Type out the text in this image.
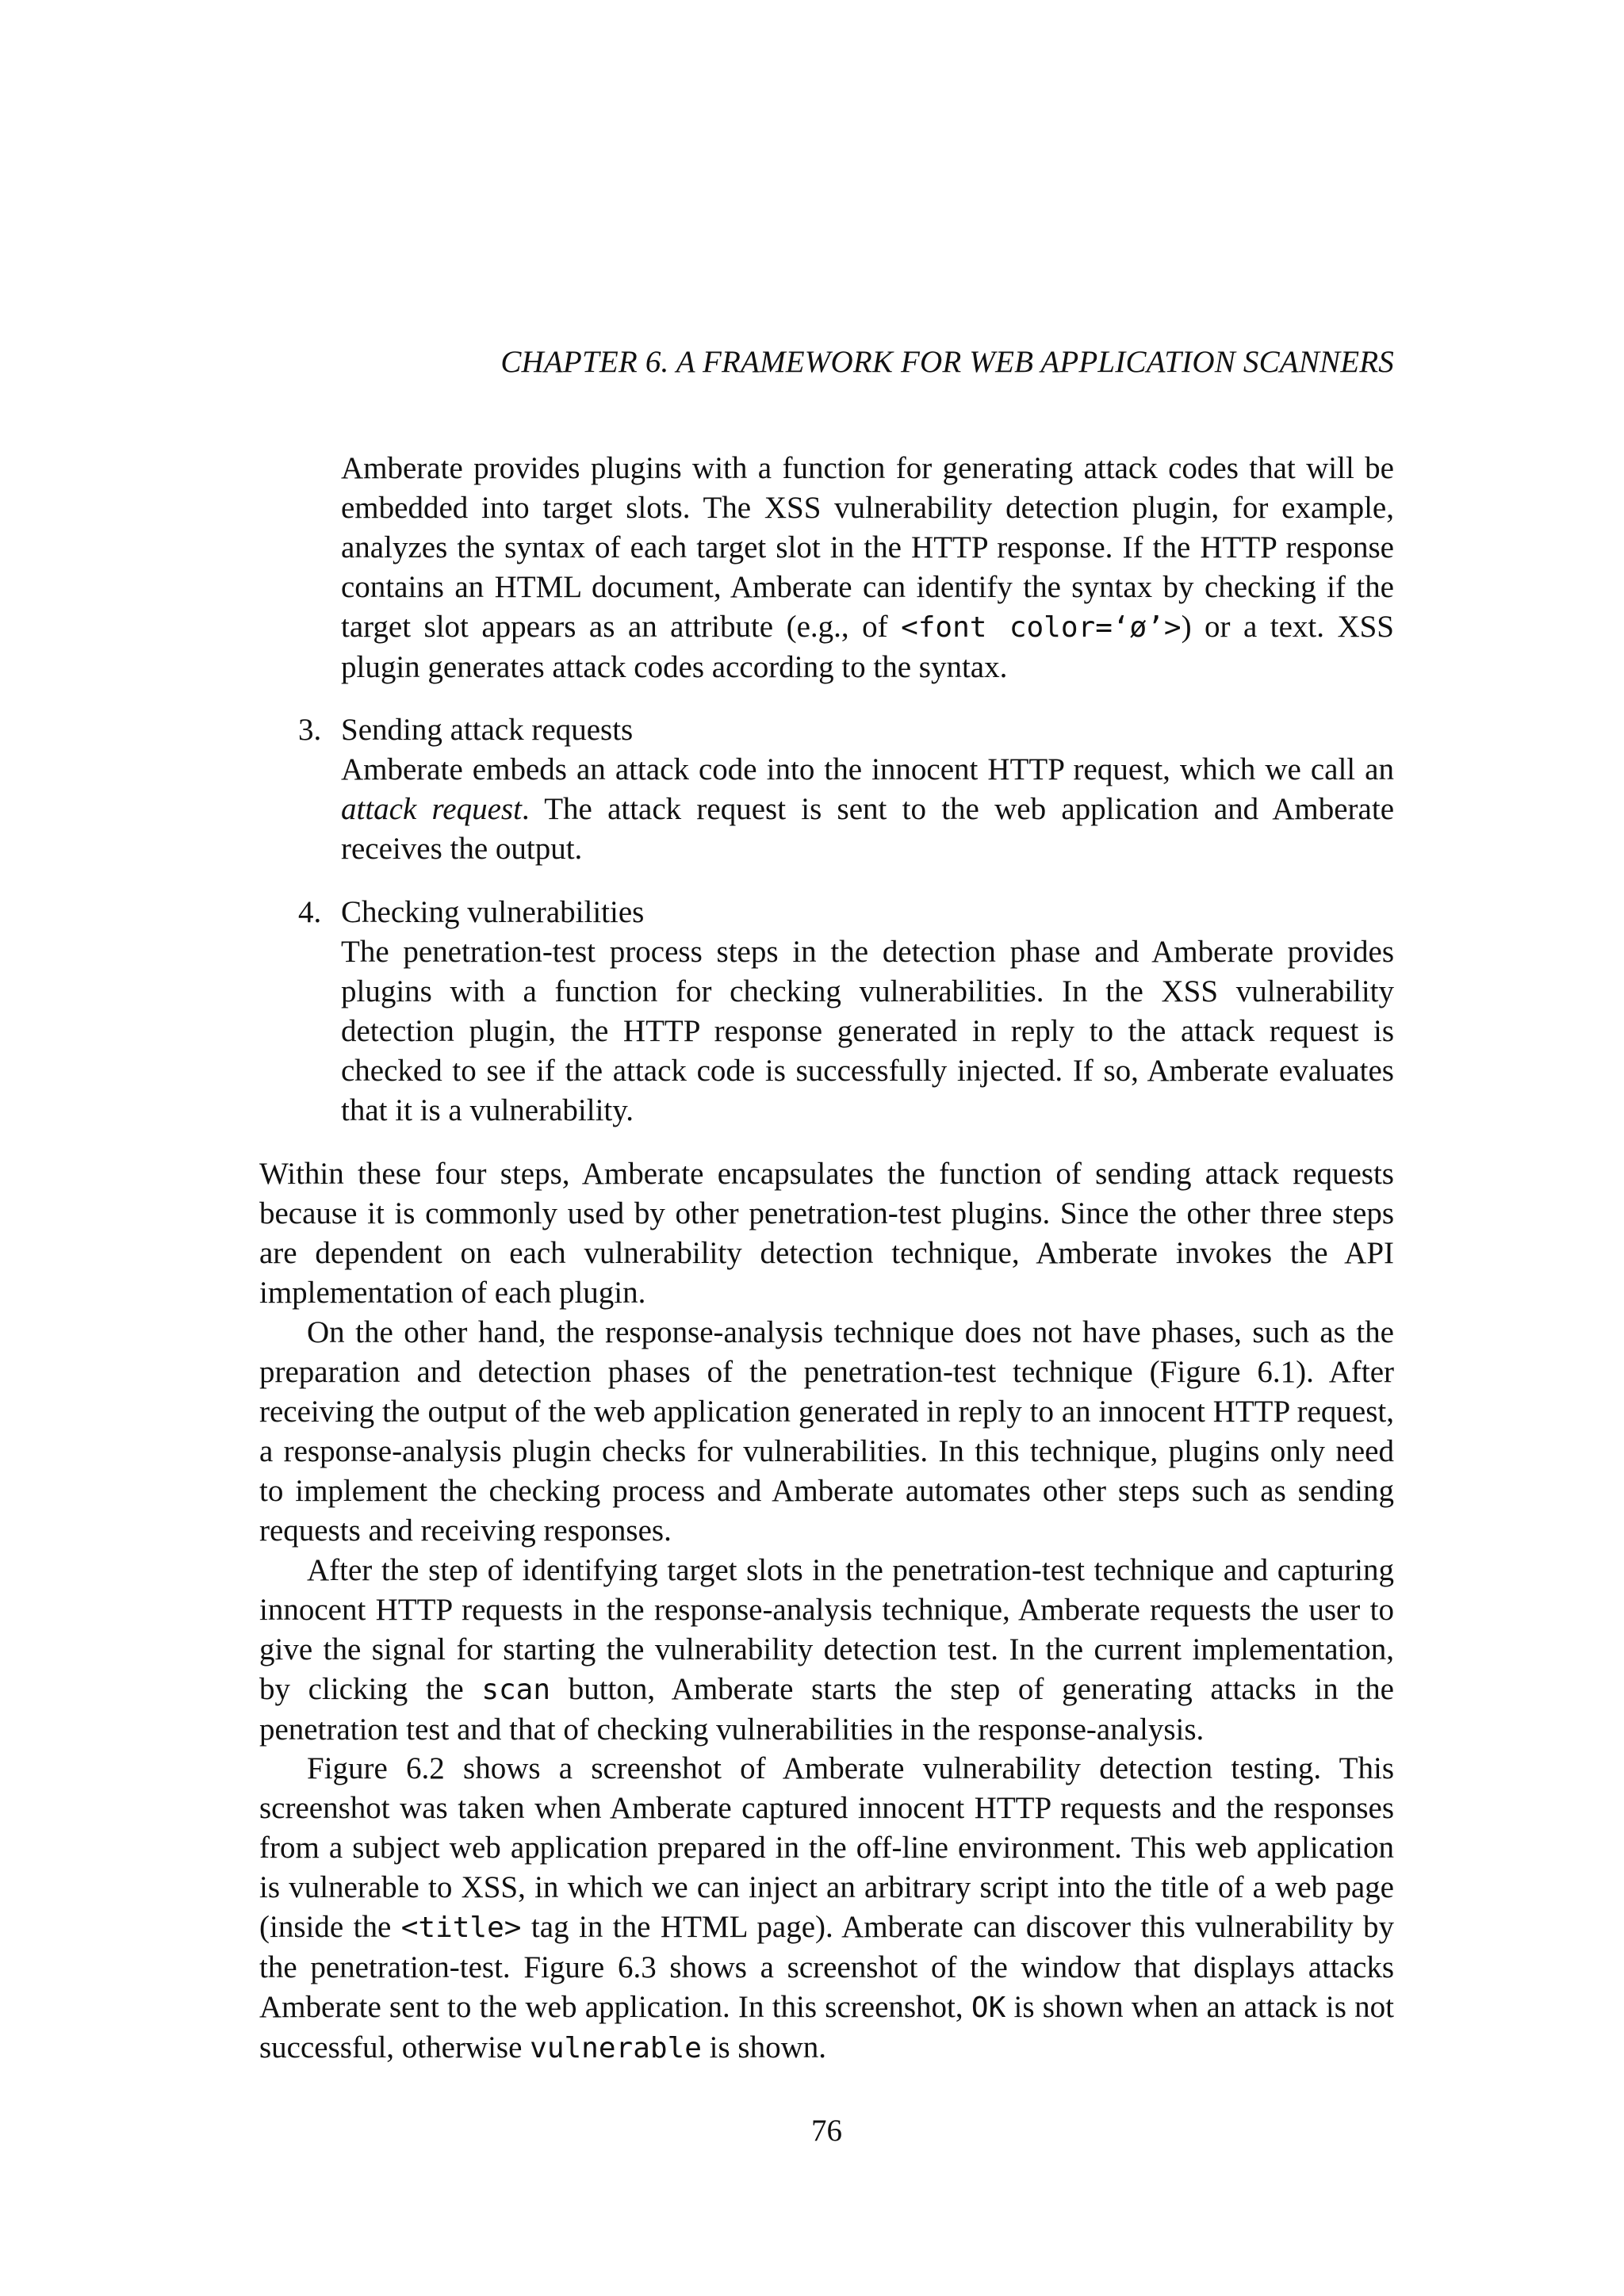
CHAPTER 6. A FRAMEWORK FOR WEB APPLICATION SCANNERS

Amberate provides plugins with a function for generating attack codes that will be embedded into target slots. The XSS vulnerability detection plugin, for example, analyzes the syntax of each target slot in the HTTP response. If the HTTP response contains an HTML document, Amberate can identify the syntax by checking if the target slot appears as an attribute (e.g., of <font color=‘ø’>) or a text. XSS plugin generates attack codes according to the syntax.

3. Sending attack requests

Amberate embeds an attack code into the innocent HTTP request, which we call an attack request. The attack request is sent to the web application and Amberate receives the output.

4. Checking vulnerabilities

The penetration-test process steps in the detection phase and Amberate provides plugins with a function for checking vulnerabilities. In the XSS vulnerability detection plugin, the HTTP response generated in reply to the attack request is checked to see if the attack code is successfully injected. If so, Amberate evaluates that it is a vulnerability.

Within these four steps, Amberate encapsulates the function of sending attack requests because it is commonly used by other penetration-test plugins. Since the other three steps are dependent on each vulnerability detection technique, Amberate invokes the API implementation of each plugin.

On the other hand, the response-analysis technique does not have phases, such as the preparation and detection phases of the penetration-test technique (Figure 6.1). After receiving the output of the web application generated in reply to an innocent HTTP request, a response-analysis plugin checks for vulnerabilities. In this technique, plugins only need to implement the checking process and Amberate automates other steps such as sending requests and receiving responses.

After the step of identifying target slots in the penetration-test technique and capturing innocent HTTP requests in the response-analysis technique, Amberate requests the user to give the signal for starting the vulnerability detection test. In the current implementation, by clicking the scan button, Amberate starts the step of generating attacks in the penetration test and that of checking vulnerabilities in the response-analysis.

Figure 6.2 shows a screenshot of Amberate vulnerability detection testing. This screenshot was taken when Amberate captured innocent HTTP requests and the responses from a subject web application prepared in the off-line environment. This web application is vulnerable to XSS, in which we can inject an arbitrary script into the title of a web page (inside the <title> tag in the HTML page). Amberate can discover this vulnerability by the penetration-test. Figure 6.3 shows a screenshot of the window that displays attacks Amberate sent to the web application. In this screenshot, OK is shown when an attack is not successful, otherwise vulnerable is shown.

76
